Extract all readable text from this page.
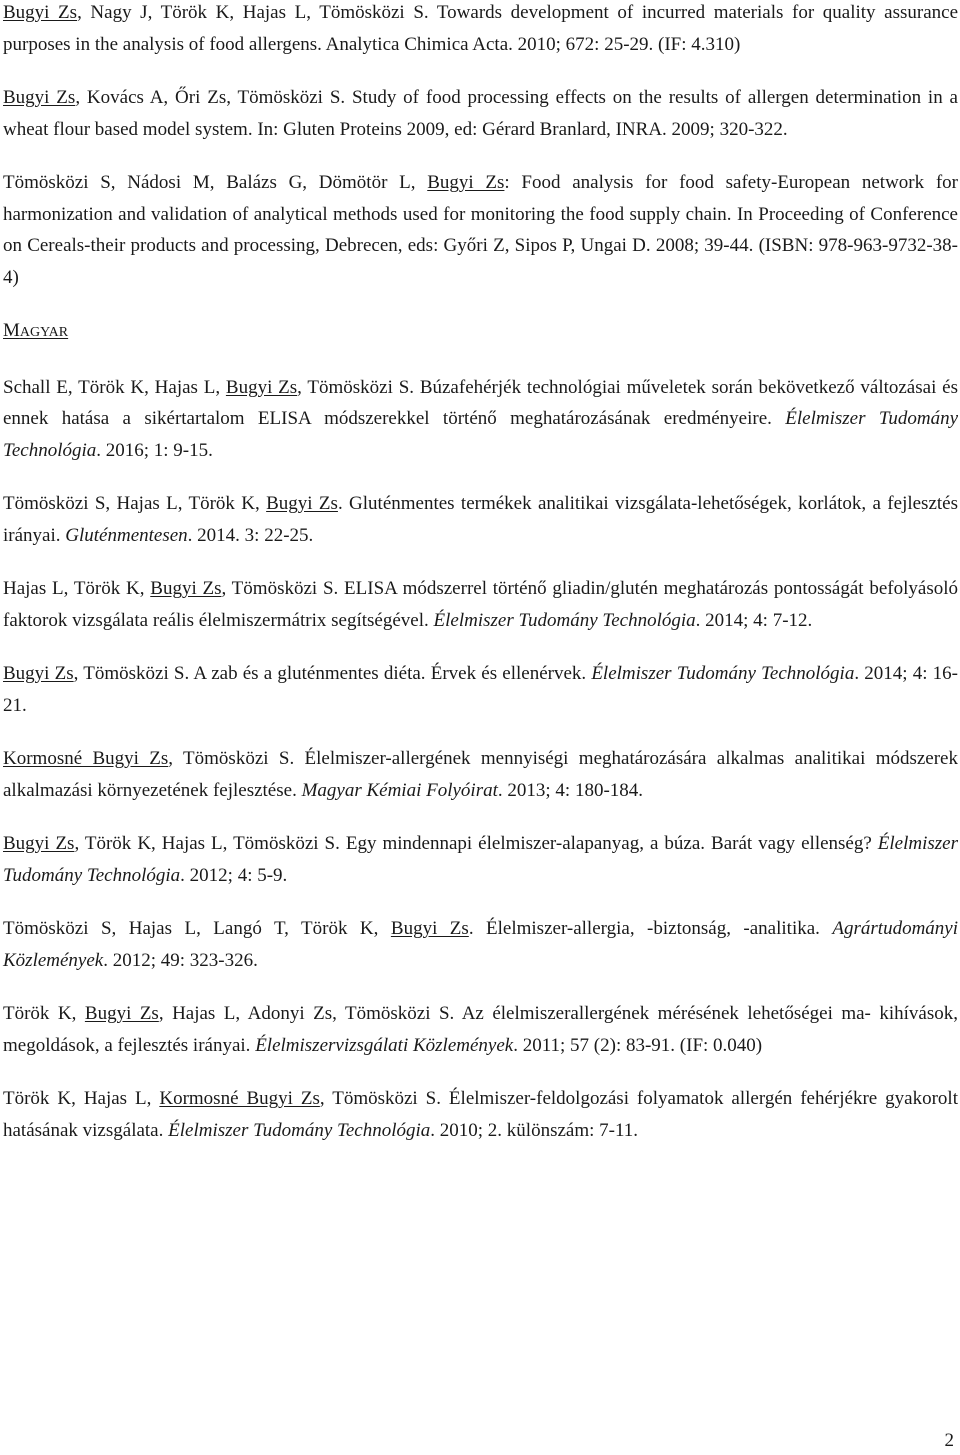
Bugyi Zs, Nagy J, Török K, Hajas L, Tömösközi S. Towards development of incurred materials for quality assurance purposes in the analysis of food allergens. Analytica Chimica Acta. 2010; 672: 25-29. (IF: 4.310)

Bugyi Zs, Kovács A, Őri Zs, Tömösközi S. Study of food processing effects on the results of allergen determination in a wheat flour based model system. In: Gluten Proteins 2009, ed: Gérard Branlard, INRA. 2009; 320-322.

Tömösközi S, Nádosi M, Balázs G, Dömötör L, Bugyi Zs: Food analysis for food safety-European network for harmonization and validation of analytical methods used for monitoring the food supply chain. In Proceeding of Conference on Cereals-their products and processing, Debrecen, eds: Győri Z, Sipos P, Ungai D. 2008; 39-44. (ISBN: 978-963-9732-38-4)

MAGYAR

Schall E, Török K, Hajas L, Bugyi Zs, Tömösközi S. Búzafehérjék technológiai műveletek során bekövetkező változásai és ennek hatása a sikértartalom ELISA módszerekkel történő meghatározásának eredményeire. Élelmiszer Tudomány Technológia. 2016; 1: 9-15.

Tömösközi S, Hajas L, Török K, Bugyi Zs. Gluténmentes termékek analitikai vizsgálata-lehetőségek, korlátok, a fejlesztés irányai. Gluténmentesen. 2014. 3: 22-25.

Hajas L, Török K, Bugyi Zs, Tömösközi S. ELISA módszerrel történő gliadin/glutén meghatározás pontosságát befolyásoló faktorok vizsgálata reális élelmiszermátrix segítségével. Élelmiszer Tudomány Technológia. 2014; 4: 7-12.

Bugyi Zs, Tömösközi S. A zab és a gluténmentes diéta. Érvek és ellenérvek. Élelmiszer Tudomány Technológia. 2014; 4: 16-21.

Kormosné Bugyi Zs, Tömösközi S. Élelmiszer-allergének mennyiségi meghatározására alkalmas analitikai módszerek alkalmazási környezetének fejlesztése. Magyar Kémiai Folyóirat. 2013; 4: 180-184.

Bugyi Zs, Török K, Hajas L, Tömösközi S. Egy mindennapi élelmiszer-alapanyag, a búza. Barát vagy ellenség? Élelmiszer Tudomány Technológia. 2012; 4: 5-9.

Tömösközi S, Hajas L, Langó T, Török K, Bugyi Zs. Élelmiszer-allergia, -biztonság, -analitika. Agrártudományi Közlemények. 2012; 49: 323-326.

Török K, Bugyi Zs, Hajas L, Adonyi Zs, Tömösközi S. Az élelmiszerallergének mérésének lehetőségei ma- kihívások, megoldások, a fejlesztés irányai. Élelmiszervizsgálati Közlemények. 2011; 57 (2): 83-91. (IF: 0.040)

Török K, Hajas L, Kormosné Bugyi Zs, Tömösközi S. Élelmiszer-feldolgozási folyamatok allergén fehérjékre gyakorolt hatásának vizsgálata. Élelmiszer Tudomány Technológia. 2010; 2. különszám: 7-11.

2
